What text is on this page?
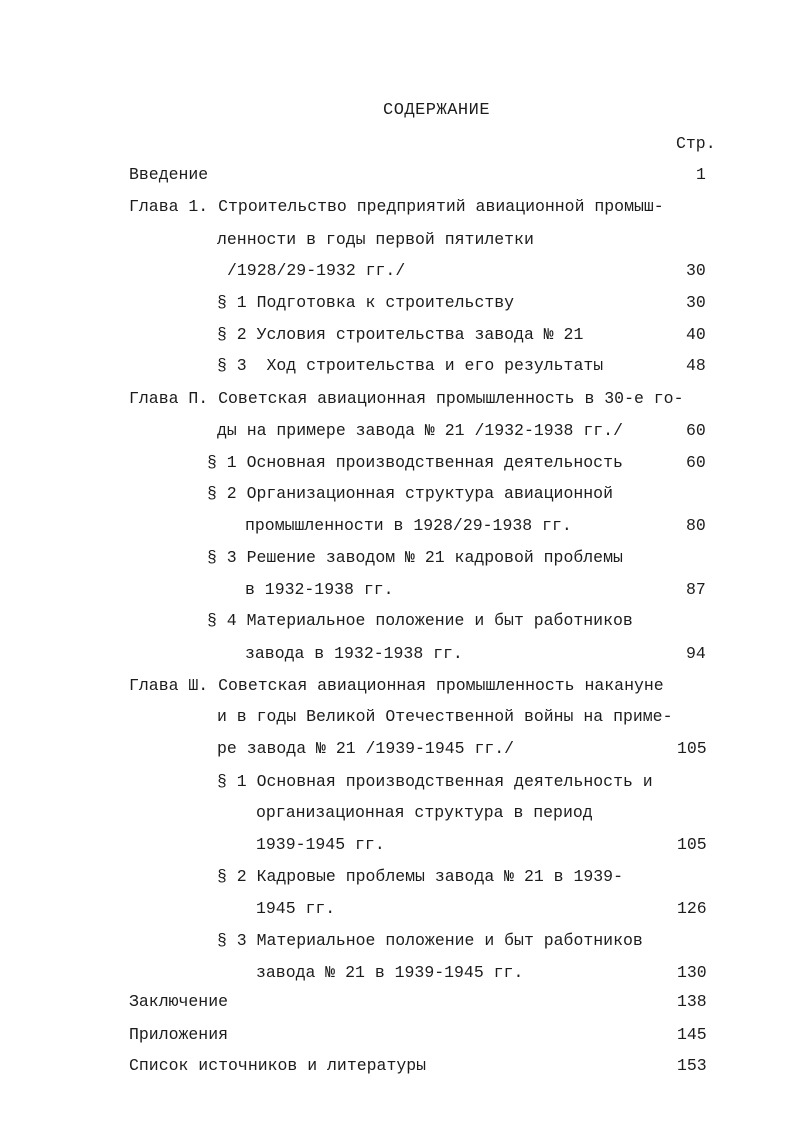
СОДЕРЖАНИЕ
Стр.
Введение	1
Глава 1. Строительство предприятий авиационной промыш-
ленности в годы первой пятилетки
/1928/29-1932 гг./	30
§ 1 Подготовка к строительству	30
§ 2 Условия строительства завода № 21	40
§ 3  Ход строительства и его результаты	48
Глава П. Советская авиационная промышленность в 30-е го-
ды на примере завода № 21 /1932-1938 гг./	60
§ 1 Основная производственная деятельность	60
§ 2 Организационная структура авиационной
промышленности в 1928/29-1938 гг.	80
§ 3 Решение заводом № 21 кадровой проблемы
в 1932-1938 гг.	87
§ 4 Материальное положение и быт работников
завода в 1932-1938 гг.	94
Глава Ш. Советская авиационная промышленность накануне
и в годы Великой Отечественной войны на приме-
ре завода № 21 /1939-1945 гг./	105
§ 1 Основная производственная деятельность и
организационная структура в период
1939-1945 гг.	105
§ 2 Кадровые проблемы завода № 21 в 1939-
1945 гг.	126
§ 3 Материальное положение и быт работников
завода № 21 в 1939-1945 гг.	130
Заключение	138
Приложения	145
Список источников и литературы	153
